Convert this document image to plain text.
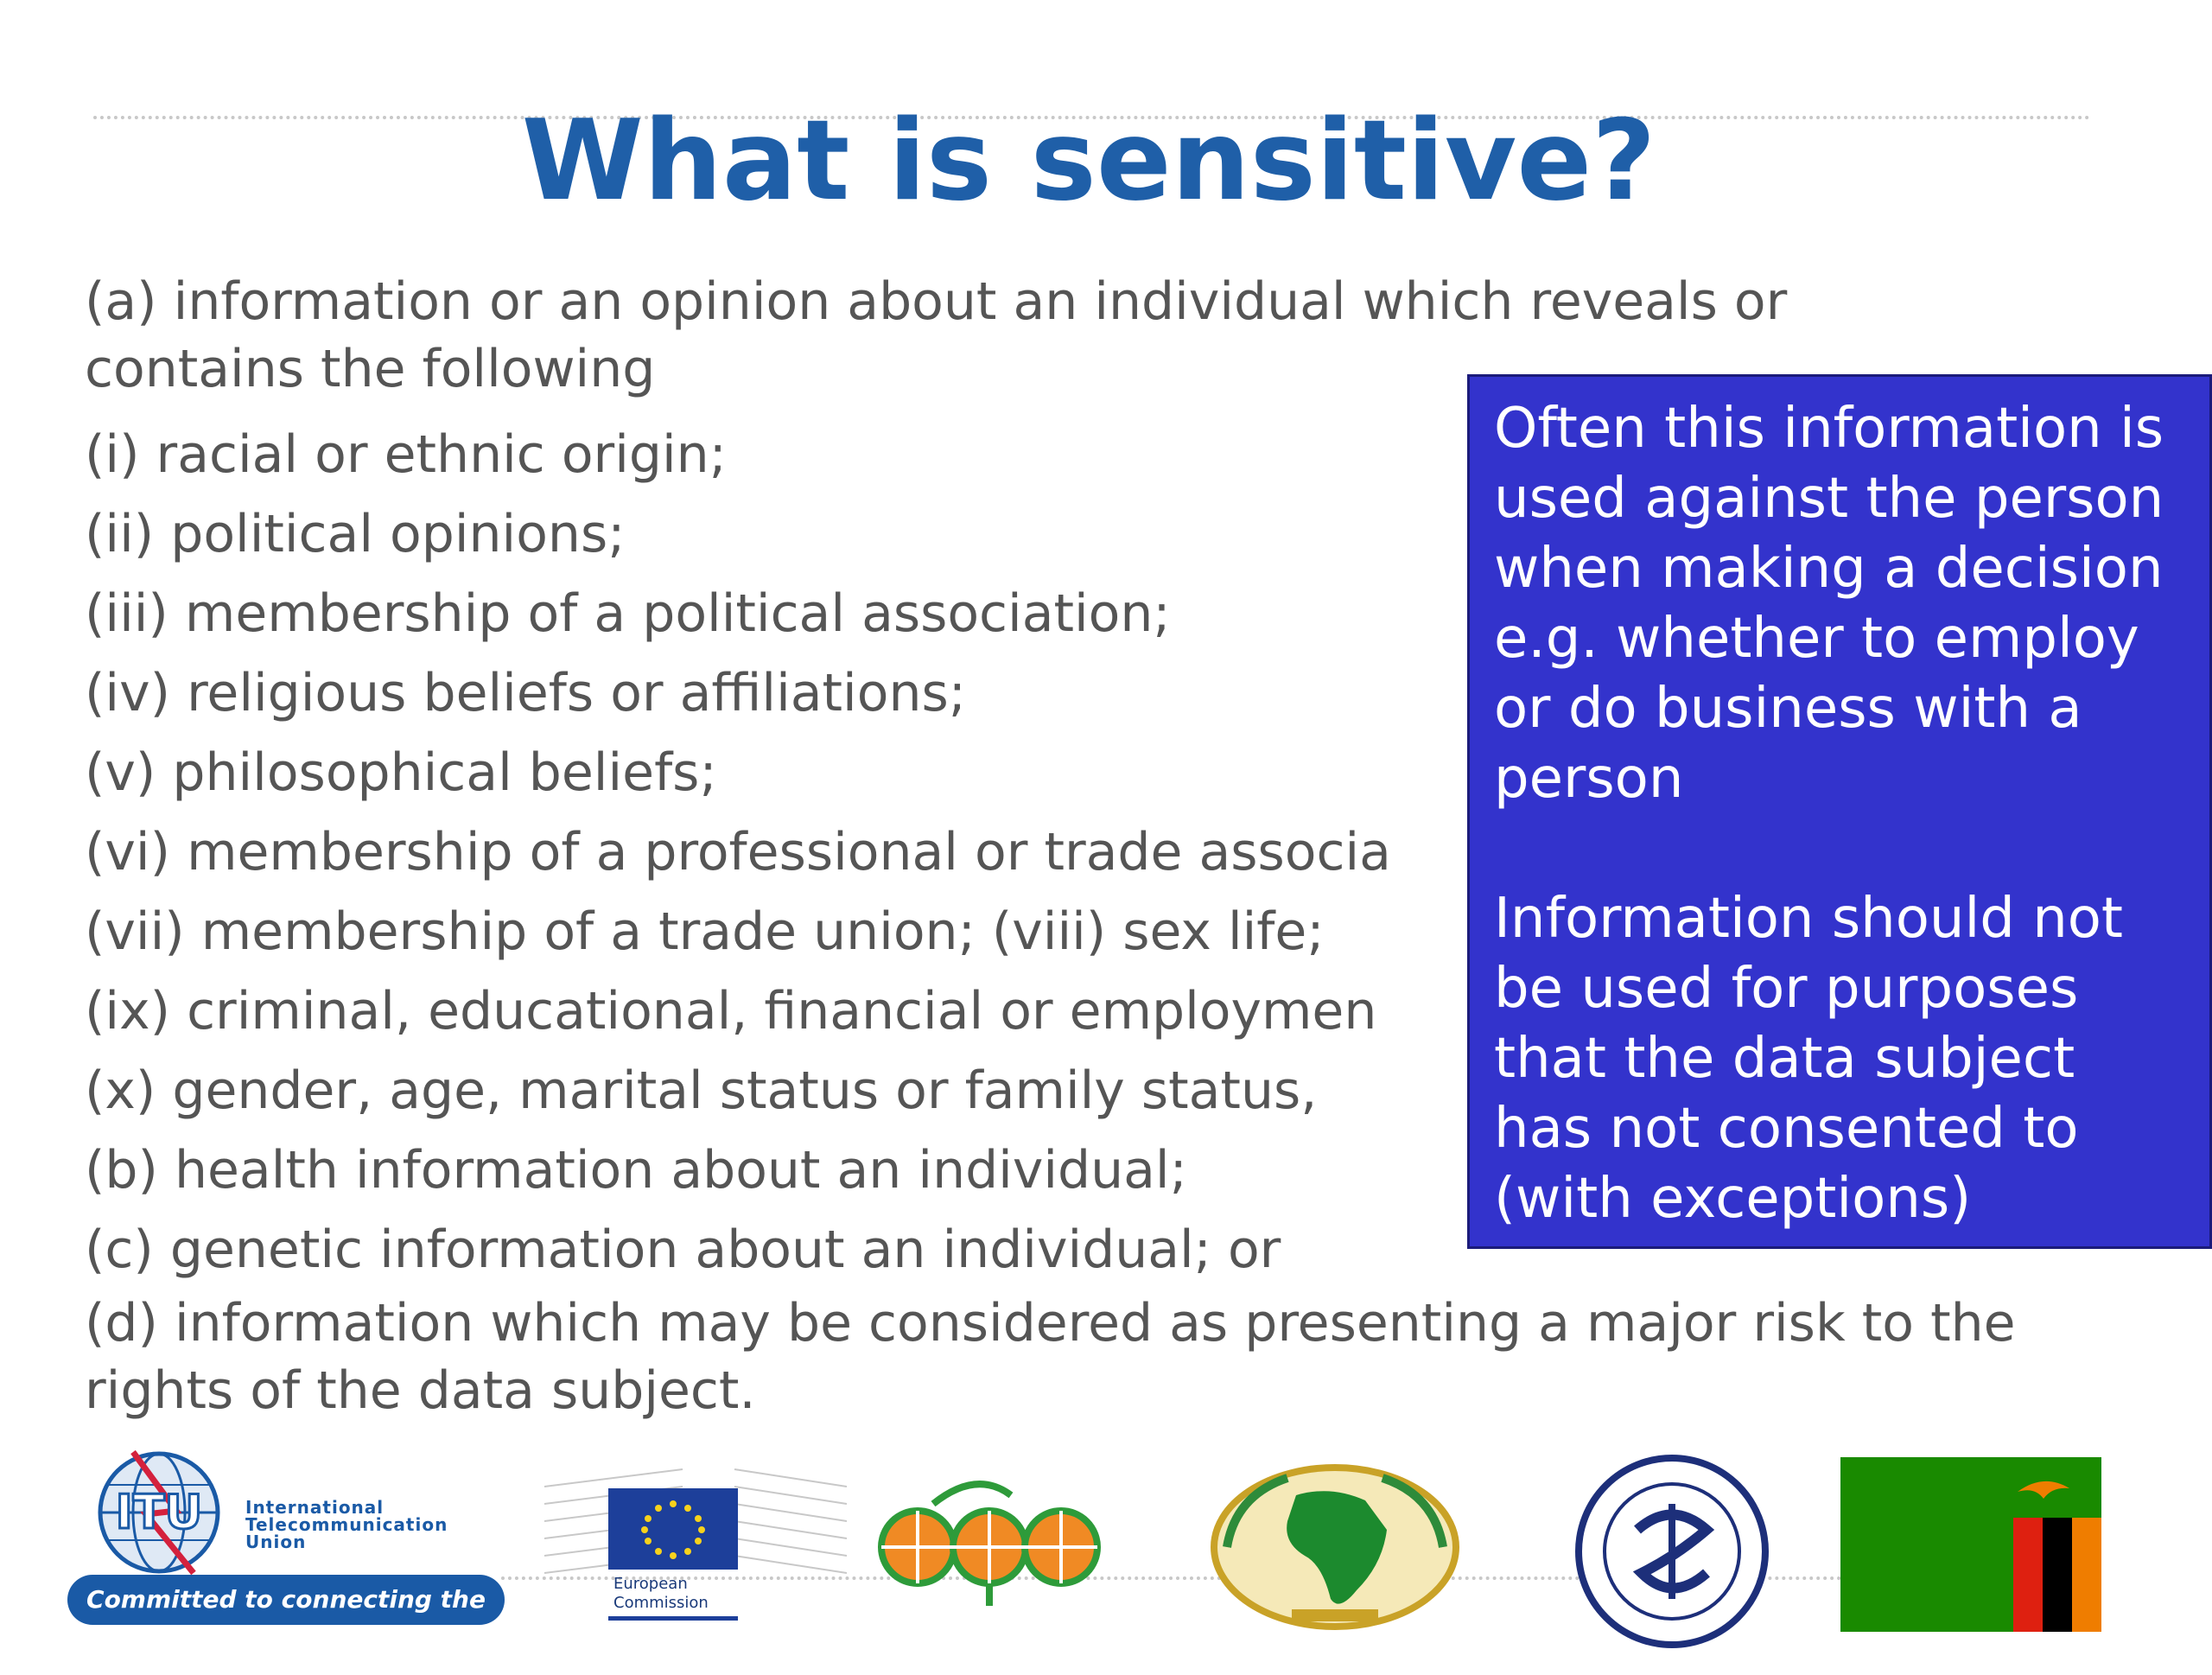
What is sensitive?

(a) information or an opinion about an individual which reveals or contains the following

(i) racial or ethnic origin;

(ii) political opinions;

(iii) membership of a political association;

(iv) religious beliefs or affiliations;

(v) philosophical beliefs;

(vi) membership of a professional or trade associa

(vii) membership of a trade union; (viii) sex life;

(ix) criminal, educational, financial or employmen

(x) gender, age, marital status or family status,

(b) health information about an individual;

(c) genetic information about an individual; or

(d) information which may be considered as presenting a major risk to the rights of the data subject.

Often this information is used against the person when making a decision e.g. whether to employ or do business with a person

Information should not be used for purposes that the data subject has not consented to (with exceptions)

ITU International Telecommunication Union
Committed to connecting the world
European Commission
